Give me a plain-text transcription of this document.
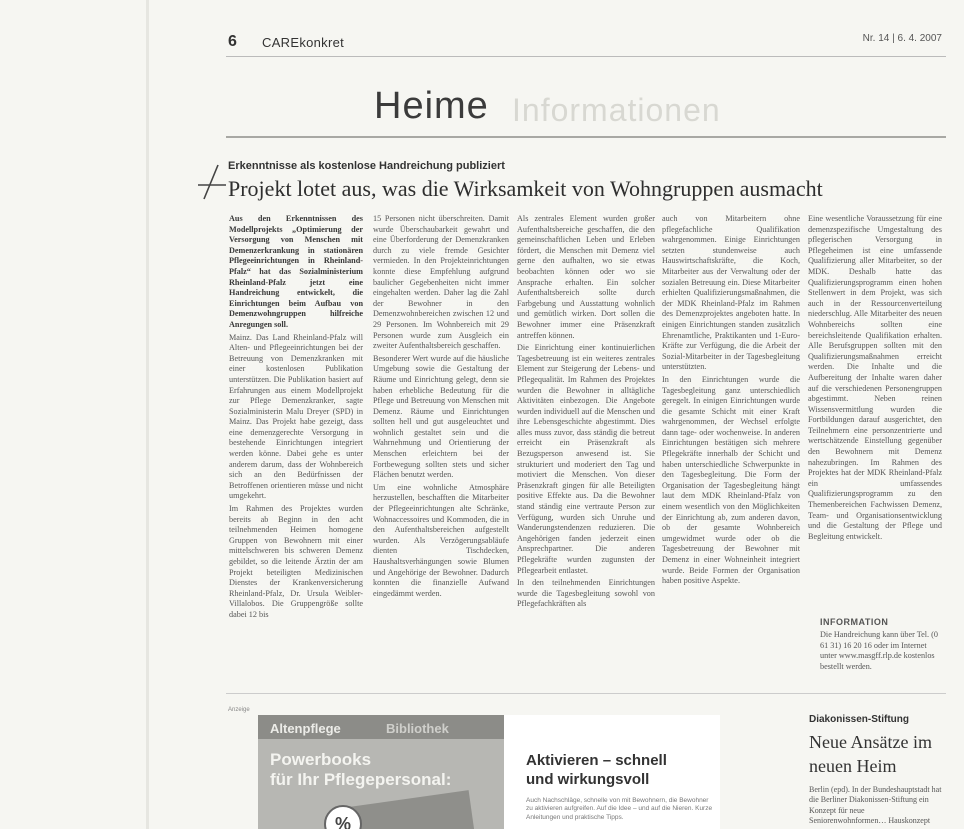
6 CAREkonkret	Nr. 14 | 6. 4. 2007
Informationen
Heime
Erkenntnisse als kostenlose Handreichung publiziert
Projekt lotet aus, was die Wirksamkeit von Wohngruppen ausmacht

Aus den Erkenntnissen des Modellprojekts „Optimierung der Versorgung von Menschen mit Demenzerkrankung in stationären Pflegeeinrichtungen in Rheinland-Pfalz“ hat das Sozialministerium Rheinland-Pfalz jetzt eine Handreichung entwickelt, die Einrichtungen beim Aufbau von Demenzwohngruppen hilfreiche Anregungen soll.

Mainz. Das Land Rheinland-Pfalz will Alten- und Pflegeeinrichtungen bei der Betreuung von Demenzkranken mit einer kostenlosen Publikation unterstützen. Die Publikation basiert auf Erfahrungen aus einem Modellprojekt zur Pflege Demenzkranker, sagte Sozialministerin Malu Dreyer (SPD) in Mainz. Das Projekt habe gezeigt, dass eine demenzgerechte Versorgung in bestehende Einrichtungen integriert werden könne. Dabei gehe es unter anderem darum, dass der Wohnbereich sich an den Bedürfnissen der Betroffenen orientieren müsse und nicht umgekehrt.

Im Rahmen des Projektes wurden bereits ab Beginn in den acht teilnehmenden Heimen homogene Gruppen von Bewohnern mit einer mittelschweren bis schweren Demenz gebildet, so die leitende Ärztin der am Projekt beteiligten Medizinischen Dienstes der Krankenversicherung Rheinland-Pfalz, Dr. Ursula Weibler-Villalobos. Die Gruppengröße sollte dabei 12 bis

15 Personen nicht überschreiten. Damit wurde Überschaubarkeit gewahrt und eine Überforderung der Demenzkranken durch zu viele fremde Gesichter vermieden. In den Projekteinrichtungen konnte diese Empfehlung aufgrund baulicher Gegebenheiten nicht immer eingehalten werden. Daher lag die Zahl der Bewohner in den Demenzwohnbereichen zwischen 12 und 29 Personen. Im Wohnbereich mit 29 Personen wurde zum Ausgleich ein zweiter Aufenthaltsbereich geschaffen.

Besonderer Wert wurde auf die häusliche Umgebung sowie die Gestaltung der Räume und Einrichtung gelegt, denn sie haben erhebliche Bedeutung für die Pflege und Betreuung von Menschen mit Demenz. Räume und Einrichtungen sollten hell und gut ausgeleuchtet und wohnlich gestaltet sein und die Wahrnehmung und Orientierung der Menschen erleichtern bei der Fortbewegung sollten stets und sicher Flächen benutzt werden.

Um eine wohnliche Atmosphäre herzustellen, beschafften die Mitarbeiter der Pflegeeinrichtungen alte Schränke, Wohnaccessoires und Kommoden, die in den Aufenthaltsbereichen aufgestellt wurden. Als Verzögerungsabläufe dienten Tischdecken, Haushaltsverhängungen sowie Blumen und Angehörige der Bewohner. Dadurch konnten die finanzielle Aufwand eingedämmt werden.

Als zentrales Element wurden großer Aufenthaltsbereiche geschaffen, die den gemeinschaftlichen Leben und Erleben fördert, die Menschen mit Demenz viel gerne den aufhalten, wo sie etwas beobachten können oder wo sie Ansprache erhalten. Ein solcher Aufenthaltsbereich sollte durch Farbgebung und Ausstattung wohnlich und gemütlich wirken. Dort sollen die Bewohner immer eine Präsenzkraft antreffen können.

Die Einrichtung einer kontinuierlichen Tagesbetreuung ist ein weiteres zentrales Element zur Steigerung der Lebens- und Pflegequalität. Im Rahmen des Projektes wurden die Bewohner in alltägliche Aktivitäten einbezogen. Die Angebote wurden individuell auf die Menschen und ihre Lebensgeschichte abgestimmt. Dies alles muss zuvor, dass ständig die betreut erreicht ein Präsenzkraft als Bezugsperson anwesend ist. Sie strukturiert und moderiert den Tag und motiviert die Menschen. Von dieser Präsenzkraft gingen für alle Beteiligten positive Effekte aus. Da die Bewohner stand ständig eine vertraute Person zur Verfügung, wurden sich Unruhe und Wanderungstendenzen reduzieren. Die Angehörigen fanden jederzeit einen Ansprechpartner. Die anderen Pflegekräfte wurden zugunsten der Pflegearbeit entlastet.

In den teilnehmenden Einrichtungen wurde die Tagesbegleitung sowohl von Pflegefachkräften als

auch von Mitarbeitern ohne pflegefachliche Qualifikation wahrgenommen. Einige Einrichtungen setzten stundenweise auch Hauswirtschaftskräfte, die Koch, Mitarbeiter aus der Verwaltung oder der sozialen Betreuung ein. Diese Mitarbeiter erhielten Qualifizierungsmaßnahmen, die der MDK Rheinland-Pfalz im Rahmen des Demenzprojektes angeboten hatte. In einigen Einrichtungen standen zusätzlich Ehrenamtliche, Praktikanten und 1-Euro-Kräfte zur Verfügung, die die Arbeit der Sozial-Mitarbeiter in der Tagesbegleitung unterstützten.

In den Einrichtungen wurde die Tagesbegleitung ganz unterschiedlich geregelt. In einigen Einrichtungen wurde die gesamte Schicht mit einer Kraft wahrgenommen, der Wechsel erfolgte dann tage- oder wochenweise. In anderen Einrichtungen bestätigen sich mehrere Pflegekräfte innerhalb der Schicht und haben unterschiedliche Schwerpunkte in den Tagesbegleitung. Die Form der Organisation der Tagesbegleitung hängt laut dem MDK Rheinland-Pfalz von einem wesentlich von den Möglichkeiten der Einrichtung ab, zum anderen davon, ob der gesamte Wohnbereich umgewidmet wurde oder ob die Tagesbetreuung der Bewohner mit Demenz in einer Wohneinheit integriert wurde. Beide Formen der Organisation haben positive Aspekte.

Eine wesentliche Voraussetzung für eine demenzspezifische Umgestaltung des pflegerischen Versorgung in Pflegeheimen ist eine umfassende Qualifizierung aller Mitarbeiter, so der MDK. Deshalb hatte das Qualifizierungsprogramm einen hohen Stellenwert in dem Projekt, was sich auch in der Ressourcenverteilung niederschlug. Alle Mitarbeiter des neuen Wohnbereichs sollten eine bereichsleitende Qualifikation erhalten. Alle Berufsgruppen sollten mit den Qualifizierungsmaßnahmen erreicht werden. Die Inhalte und die Aufbereitung der Inhalte waren daher auf die verschiedenen Personengruppen abgestimmt. Neben reinen Wissensvermittlung wurden die Fortbildungen darauf ausgerichtet, den Teilnehmern eine personzentrierte und wertschätzende Einstellung gegenüber den Bewohnern mit Demenz nahezubringen. Im Rahmen des Projektes hat der MDK Rheinland-Pfalz ein umfassendes Qualifizierungsprogramm zu den Themenbereichen Fachwissen Demenz, Team- und Organisationsentwicklung und die Gestaltung der Pflege und Begleitung entwickelt.

INFORMATION
Die Handreichung kann über Tel. (0 61 31) 16 20 16 oder im Internet unter www.masgff.rlp.de kostenlos bestellt werden.
Anzeige
Altenpflege	Bibliothek
Powerbooks
für Ihr Pflegepersonal:
%
Aktivieren – schnell
und wirkungsvoll
Auch Nachschläge, schnelle von mit Bewohnern, die Bewohner zu aktivieren aufgreifen. Auf die Idee – und auf die Nieren. Kurze Anleitungen und praktische Tipps.
Diakonissen-Stiftung
Neue Ansätze im neuen Heim
Berlin (epd). In der Bundeshauptstadt hat die Berliner Diakonissen-Stiftung ein Konzept für neue Seniorenwohnformen… Hauskonzept
